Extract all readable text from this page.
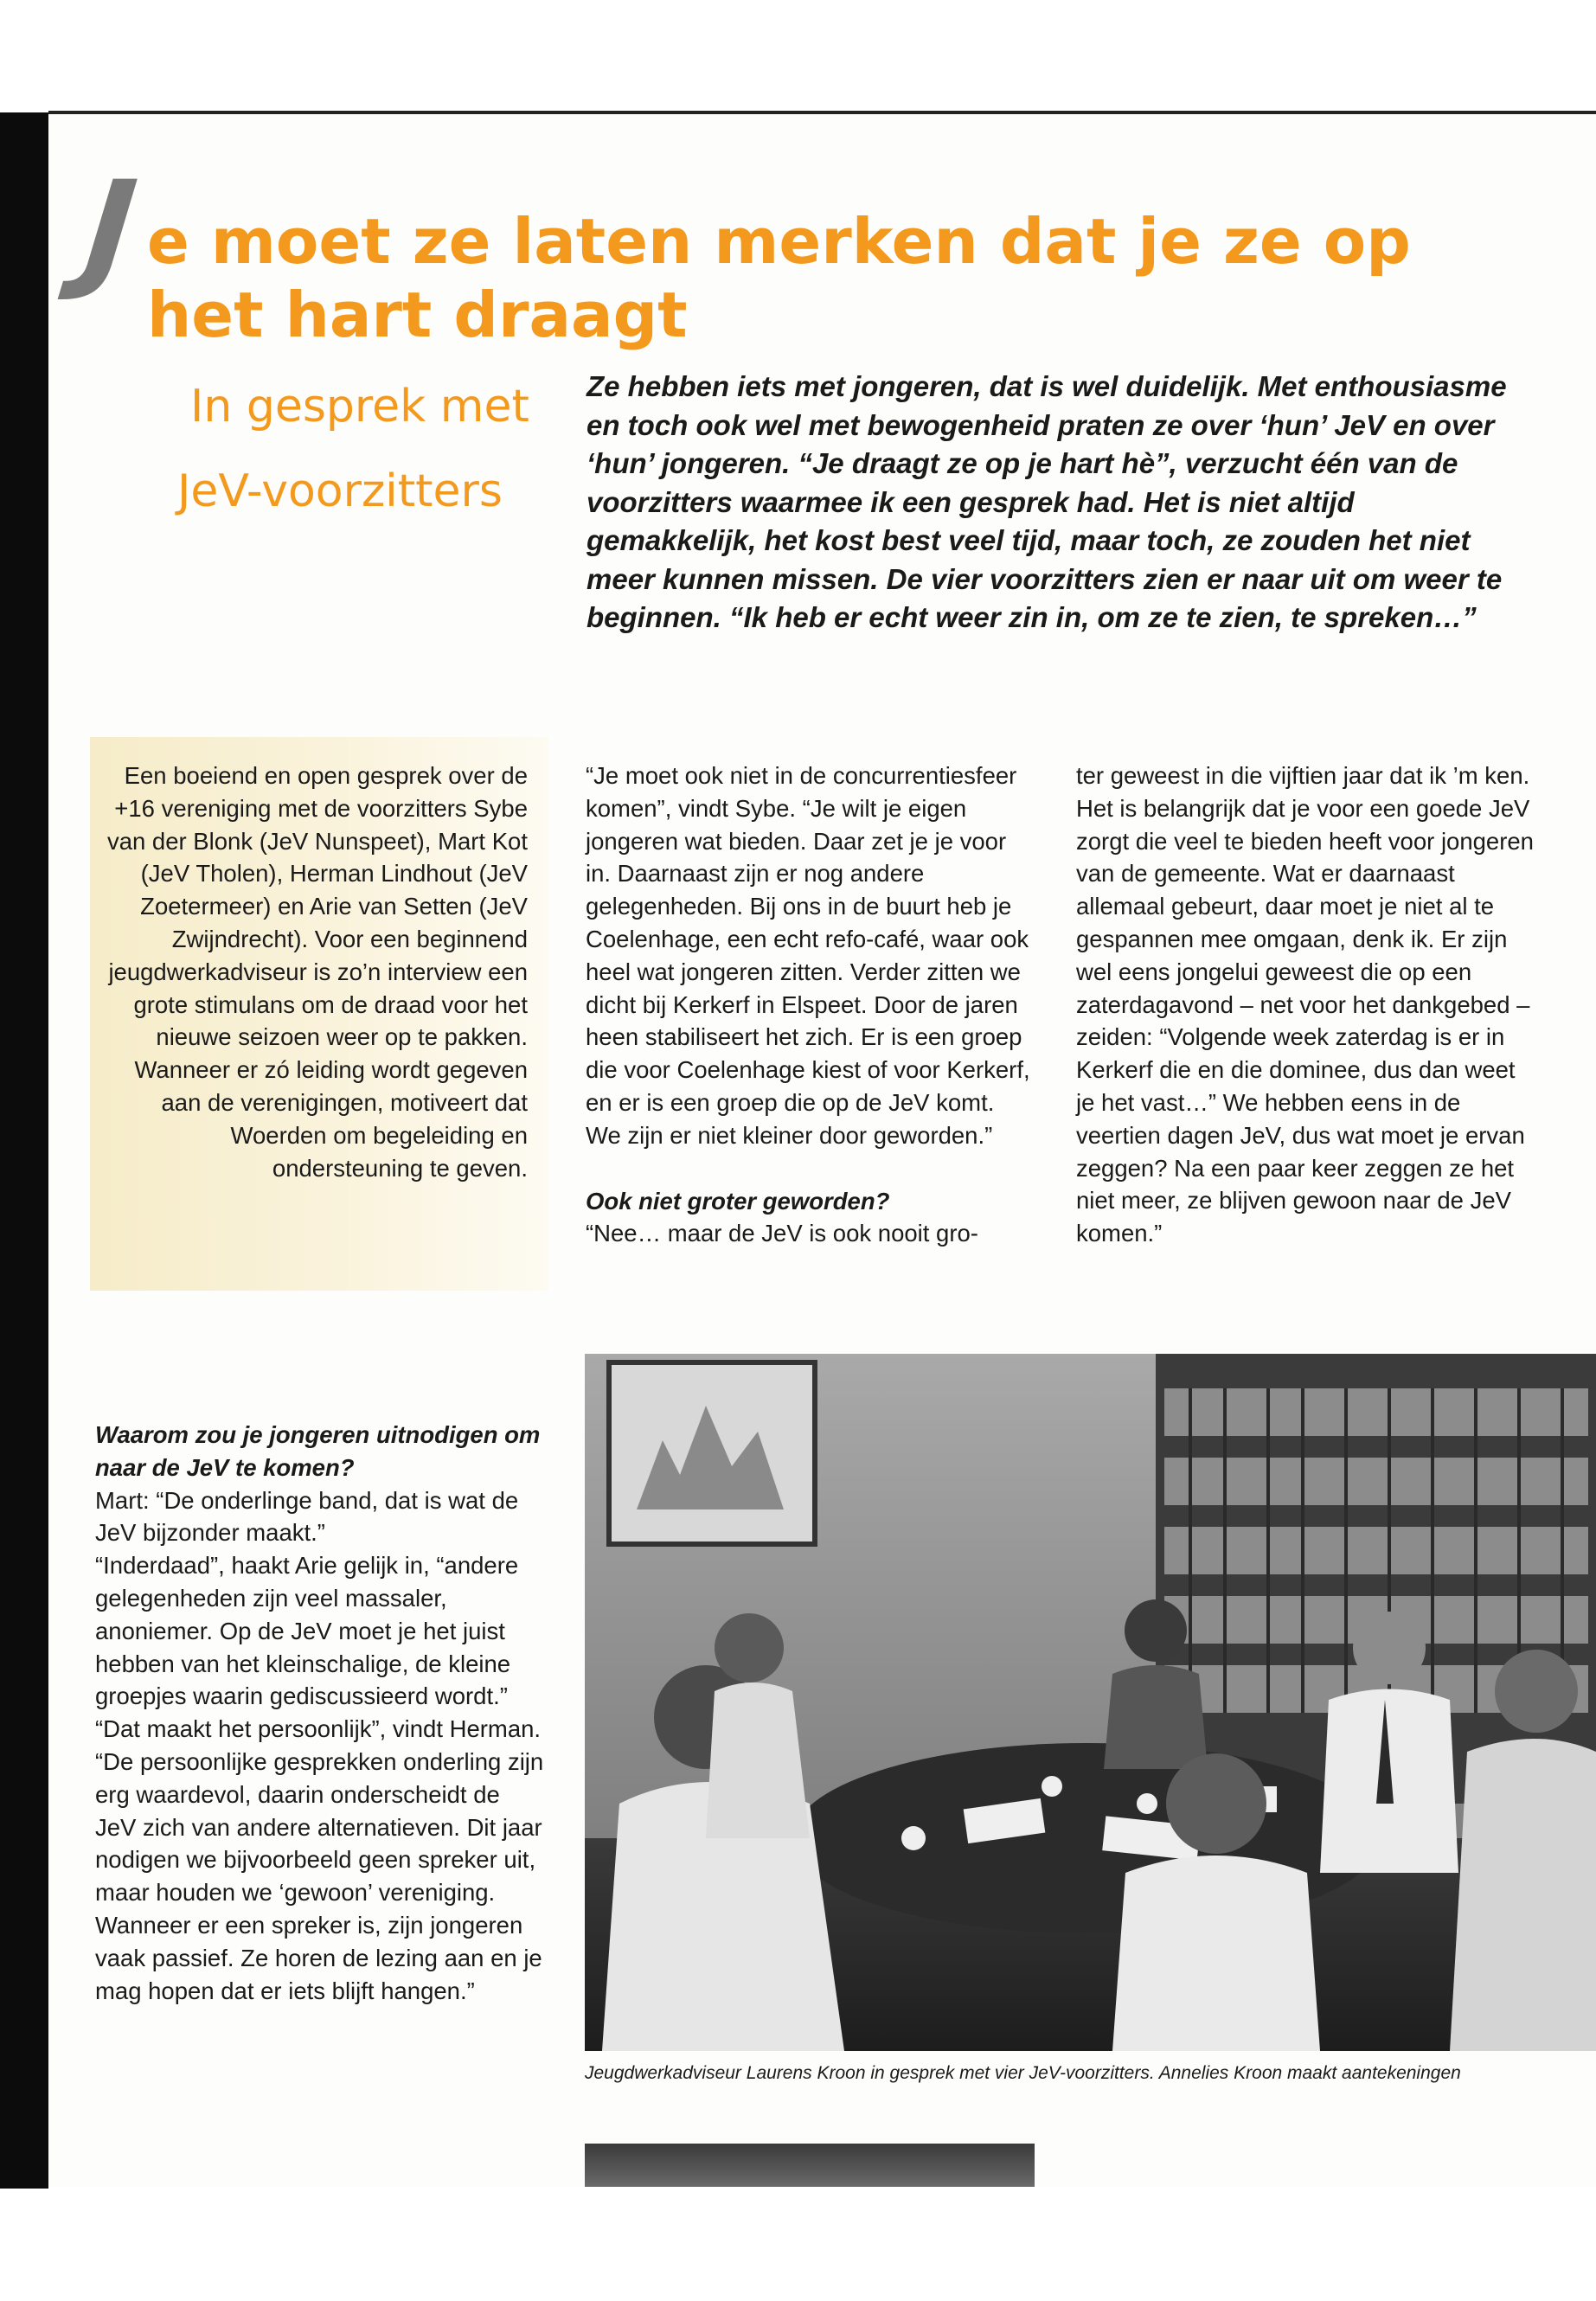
J e moet ze laten merken dat je ze op
het hart draagt
In gesprek met
JeV-voorzitters
Ze hebben iets met jongeren, dat is wel duidelijk. Met enthousiasme en toch ook wel met bewogenheid praten ze over ‘hun’ JeV en over ‘hun’ jongeren. “Je draagt ze op je hart hè”, verzucht één van de voorzitters waarmee ik een gesprek had. Het is niet altijd gemakkelijk, het kost best veel tijd, maar toch, ze zouden het niet meer kunnen missen. De vier voorzitters zien er naar uit om weer te beginnen. “Ik heb er echt weer zin in, om ze te zien, te spreken…”
Een boeiend en open gesprek over de +16 vereniging met de voorzitters Sybe van der Blonk (JeV Nunspeet), Mart Kot (JeV Tholen), Herman Lindhout (JeV Zoetermeer) en Arie van Setten (JeV Zwijndrecht). Voor een beginnend jeugdwerkadviseur is zo’n interview een grote stimulans om de draad voor het nieuwe seizoen weer op te pakken. Wanneer er zó leiding wordt gegeven aan de verenigingen, motiveert dat Woerden om begeleiding en ondersteuning te geven.

“Je moet ook niet in de concurrentiesfeer komen”, vindt Sybe. “Je wilt je eigen jongeren wat bieden. Daar zet je je voor in. Daarnaast zijn er nog andere gelegenheden. Bij ons in de buurt heb je Coelenhage, een echt refo-café, waar ook heel wat jongeren zitten. Verder zitten we dicht bij Kerkerf in Elspeet. Door de jaren heen stabiliseert het zich. Er is een groep die voor Coelenhage kiest of voor Kerkerf, en er is een groep die op de JeV komt. We zijn er niet kleiner door geworden.”

Ook niet groter geworden?

“Nee… maar de JeV is ook nooit gro-

ter geweest in die vijftien jaar dat ik ’m ken. Het is belangrijk dat je voor een goede JeV zorgt die veel te bieden heeft voor jongeren van de gemeente. Wat er daarnaast allemaal gebeurt, daar moet je niet al te gespannen mee omgaan, denk ik. Er zijn wel eens jongelui geweest die op een zaterdagavond – net voor het dankgebed – zeiden: “Volgende week zaterdag is er in Kerkerf die en die dominee, dus dan weet je het vast…” We hebben eens in de veertien dagen JeV, dus wat moet je ervan zeggen? Na een paar keer zeggen ze het niet meer, ze blijven gewoon naar de JeV komen.”

Waarom zou je jongeren uitnodigen om naar de JeV te komen?

Mart: “De onderlinge band, dat is wat de JeV bijzonder maakt.”

“Inderdaad”, haakt Arie gelijk in, “andere gelegenheden zijn veel massaler, anoniemer. Op de JeV moet je het juist hebben van het kleinschalige, de kleine groepjes waarin gediscussieerd wordt.”

“Dat maakt het persoonlijk”, vindt Herman. “De persoonlijke gesprekken onderling zijn erg waardevol, daarin onderscheidt de JeV zich van andere alternatieven. Dit jaar nodigen we bijvoorbeeld geen spreker uit, maar houden we ‘gewoon’ vereniging. Wanneer er een spreker is, zijn jongeren vaak passief. Ze horen de lezing aan en je mag hopen dat er iets blijft hangen.”

Jeugdwerkadviseur Laurens Kroon in gesprek met vier JeV-voorzitters. Annelies Kroon maakt aantekeningen
